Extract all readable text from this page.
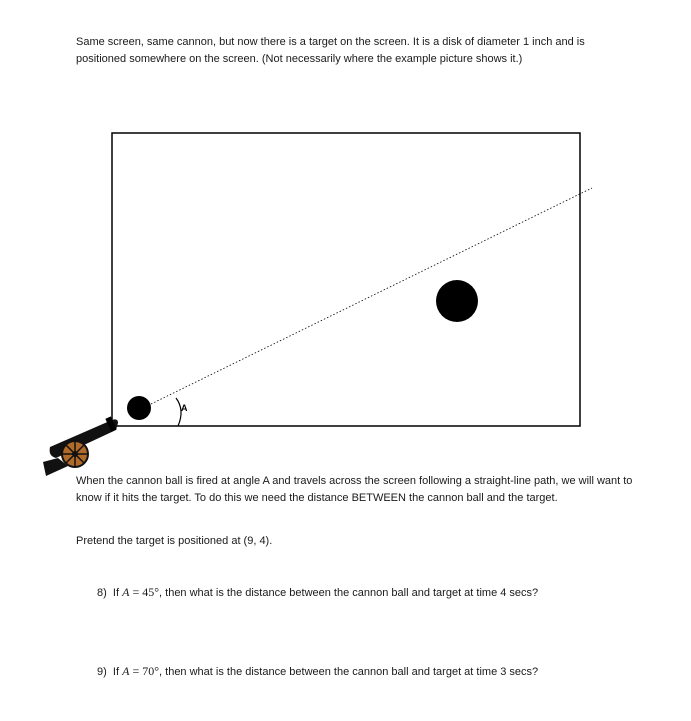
Same screen, same cannon, but now there is a target on the screen. It is a disk of diameter 1 inch and is positioned somewhere on the screen. (Not necessarily where the example picture shows it.)

A

When the cannon ball is fired at angle A and travels across the screen following a straight-line path, we will want to know if it hits the target. To do this we need the distance BETWEEN the cannon ball and the target.

Pretend the target is positioned at (9, 4).

8) If A = 45°, then what is the distance between the cannon ball and target at time 4 secs?

9) If A = 70°, then what is the distance between the cannon ball and target at time 3 secs?
